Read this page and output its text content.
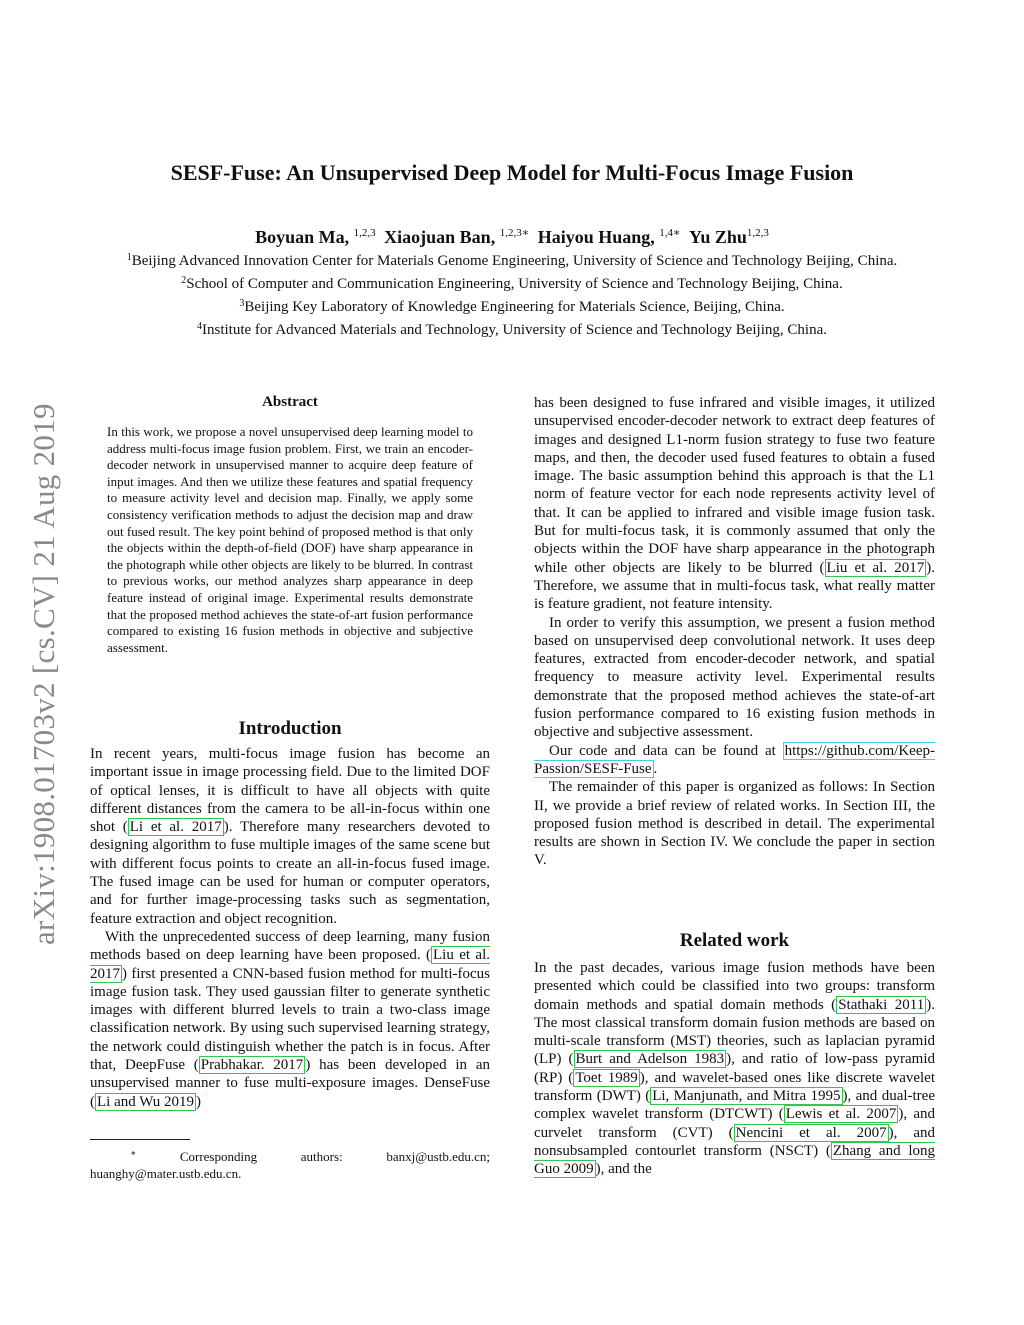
arXiv:1908.01703v2 [cs.CV] 21 Aug 2019
SESF-Fuse: An Unsupervised Deep Model for Multi-Focus Image Fusion
Boyuan Ma, $^{1,2,3}$ Xiaojuan Ban, $^{1,2,3∗}$ Haiyou Huang, $^{1,4∗}$ Yu Zhu$^{1,2,3}$
$^1$Beijing Advanced Innovation Center for Materials Genome Engineering, University of Science and Technology Beijing, China.
$^2$School of Computer and Communication Engineering, University of Science and Technology Beijing, China.
$^3$Beijing Key Laboratory of Knowledge Engineering for Materials Science, Beijing, China.
$^4$Institute for Advanced Materials and Technology, University of Science and Technology Beijing, China.
Abstract
In this work, we propose a novel unsupervised deep learning model to address multi-focus image fusion problem. First, we train an encoder-decoder network in unsupervised manner to acquire deep feature of input images. And then we utilize these features and spatial frequency to measure activity level and decision map. Finally, we apply some consistency verification methods to adjust the decision map and draw out fused result. The key point behind of proposed method is that only the objects within the depth-of-field (DOF) have sharp appearance in the photograph while other objects are likely to be blurred. In contrast to previous works, our method analyzes sharp appearance in deep feature instead of original image. Experimental results demonstrate that the proposed method achieves the state-of-art fusion performance compared to existing 16 fusion methods in objective and subjective assessment.
Introduction

In recent years, multi-focus image fusion has become an important issue in image processing field. Due to the limited DOF of optical lenses, it is difficult to have all objects with quite different distances from the camera to be all-in-focus within one shot ( Li et al. 2017 ). Therefore many researchers devoted to designing algorithm to fuse multiple images of the same scene but with different focus points to create an all-in-focus fused image. The fused image can be used for human or computer operators, and for further image-processing tasks such as segmentation, feature extraction and object recognition.

With the unprecedented success of deep learning, many fusion methods based on deep learning have been proposed. ( Liu et al. 2017 ) first presented a CNN-based fusion method for multi-focus image fusion task. They used gaussian filter to generate synthetic images with different blurred levels to train a two-class image classification network. By using such supervised learning strategy, the network could distinguish whether the patch is in focus. After that, DeepFuse ( Prabhakar. 2017 ) has been developed in an unsupervised manner to fuse multi-exposure images. DenseFuse ( Li and Wu 2019 )

∗	Corresponding authors: banxj@ustb.edu.cn; huanghy@mater.ustb.edu.cn.

has been designed to fuse infrared and visible images, it utilized unsupervised encoder-decoder network to extract deep features of images and designed L1-norm fusion strategy to fuse two feature maps, and then, the decoder used fused features to obtain a fused image. The basic assumption behind this approach is that the L1 norm of feature vector for each node represents activity level of that. It can be applied to infrared and visible image fusion task. But for multi-focus task, it is commonly assumed that only the objects within the DOF have sharp appearance in the photograph while other objects are likely to be blurred ( Liu et al. 2017 ). Therefore, we assume that in multi-focus task, what really matter is feature gradient, not feature intensity.

In order to verify this assumption, we present a fusion method based on unsupervised deep convolutional network. It uses deep features, extracted from encoder-decoder network, and spatial frequency to measure activity level. Experimental results demonstrate that the proposed method achieves the state-of-art fusion performance compared to 16 existing fusion methods in objective and subjective assessment.

Our code and data can be found at https://github.com/Keep-Passion/SESF-Fuse .

The remainder of this paper is organized as follows: In Section II, we provide a brief review of related works. In Section III, the proposed fusion method is described in detail. The experimental results are shown in Section IV. We conclude the paper in section V.

Related work

In the past decades, various image fusion methods have been presented which could be classified into two groups: transform domain methods and spatial domain methods ( Stathaki 2011 ). The most classical transform domain fusion methods are based on multi-scale transform (MST) theories, such as laplacian pyramid (LP) ( Burt and Adelson 1983 ), and ratio of low-pass pyramid (RP) ( Toet 1989 ), and wavelet-based ones like discrete wavelet transform (DWT) ( Li, Manjunath, and Mitra 1995 ), and dual-tree complex wavelet transform (DTCWT) ( Lewis et al. 2007 ), and curvelet transform (CVT) ( Nencini et al. 2007 ), and nonsubsampled contourlet transform (NSCT) ( Zhang and long Guo 2009 ), and the
